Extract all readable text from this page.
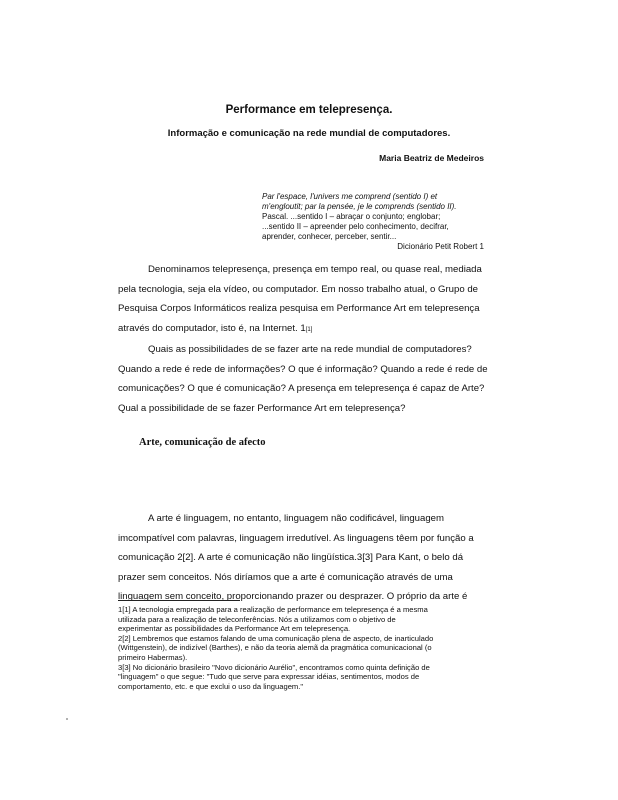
Performance em telepresença.
Informação e comunicação na rede mundial de computadores.
Maria Beatriz de Medeiros
Par l'espace, l'univers me comprend (sentido I) et
m'engloutit; par la pensée, je le comprends (sentido II).
Pascal. ...sentido I – abraçar o conjunto; englobar;
...sentido II – apreender pelo conhecimento, decifrar,
aprender, conhecer, perceber, sentir...
Dicionário Petit Robert 1

Denominamos telepresença, presença em tempo real, ou quase real, mediada
pela tecnologia, seja ela vídeo, ou computador. Em nosso trabalho atual, o Grupo de
Pesquisa Corpos Informáticos realiza pesquisa em Performance Art em telepresença
através do computador, isto é, na Internet. 1[1]

Quais as possibilidades de se fazer arte na rede mundial de computadores?
Quando a rede é rede de informações? O que é informação? Quando a rede é rede de
comunicações? O que é comunicação? A presença em telepresença é capaz de Arte?
Qual a possibilidade de se fazer Performance Art em telepresença?

Arte, comunicação de afecto

A arte é linguagem, no entanto, linguagem não codificável, linguagem
imcompatível com palavras, linguagem irredutível. As linguagens têem por função a
comunicação 2[2]. A arte é comunicação não lingüística.3[3] Para Kant, o belo dá
prazer sem conceitos. Nós diríamos que a arte é comunicação através de uma
linguagem sem conceito, proporcionando prazer ou desprazer. O próprio da arte é

1[1] A tecnologia empregada para a realização de performance em telepresença é a mesma
utilizada para a realização de teleconferências. Nós a utilizamos com o objetivo de
experimentar as possibilidades da Performance Art em telepresença.
2[2] Lembremos que estamos falando de uma comunicação plena de aspecto, de inarticulado
(Wittgenstein), de indizível (Barthes), e não da teoria alemã da pragmática comunicacional (o
primeiro Habermas).
3[3] No dicionário brasileiro "Novo dicionário Aurélio", encontramos como quinta definição de
"linguagem" o que segue: "Tudo que serve para expressar idéias, sentimentos, modos de
comportamento, etc. e que exclui o uso da linguagem."
